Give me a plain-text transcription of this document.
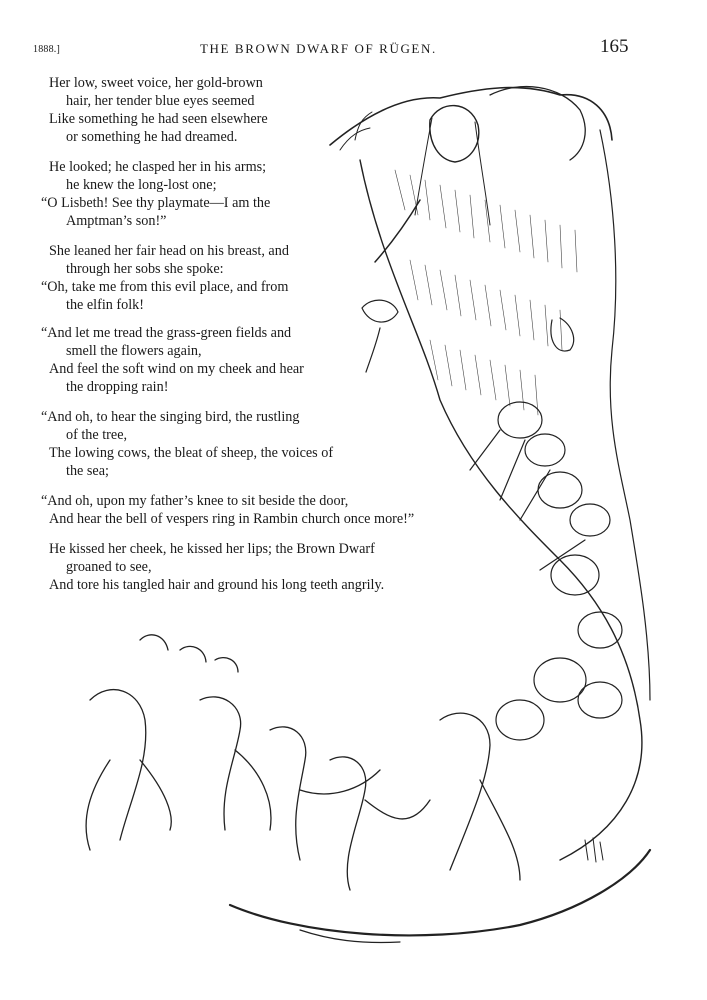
1888.]	THE BROWN DWARF OF RÜGEN.	165
Her low, sweet voice, her gold-brown
hair, her tender blue eyes seemed
Like something he had seen elsewhere
or something he had dreamed.
He looked; he clasped her in his arms;
he knew the long-lost one;
“O Lisbeth! See thy playmate—I am the
Amptman’s son!”
She leaned her fair head on his breast, and
through her sobs she spoke:
“Oh, take me from this evil place, and from
the elfin folk!
“And let me tread the grass-green fields and
smell the flowers again,
And feel the soft wind on my cheek and hear
the dropping rain!
“And oh, to hear the singing bird, the rustling
of the tree,
The lowing cows, the bleat of sheep, the voices of
the sea;
“And oh, upon my father’s knee to sit beside the door,
And hear the bell of vespers ring in Rambin church once more!”
He kissed her cheek, he kissed her lips; the Brown Dwarf
groaned to see,
And tore his tangled hair and ground his long teeth angrily.
